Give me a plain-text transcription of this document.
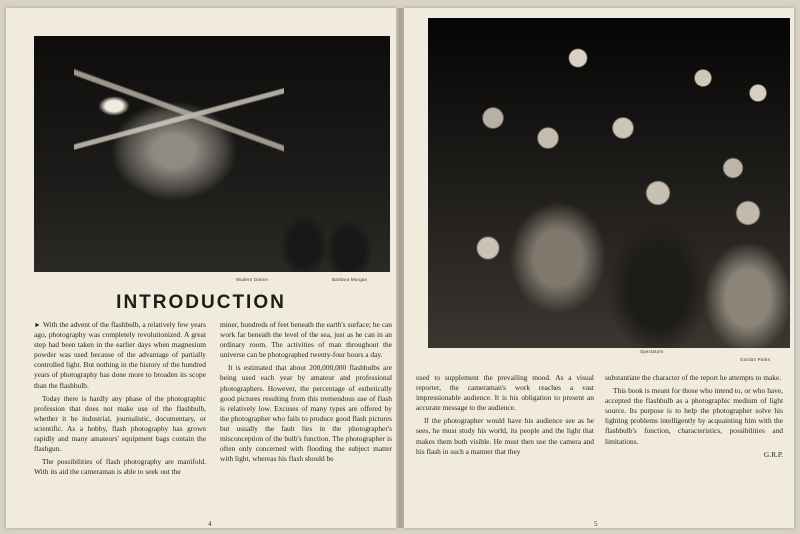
Modern Dance	Barbara Morgan
INTRODUCTION

► With the advent of the flashbulb, a relatively few years ago, photography was completely revolutionized. A great step had been taken in the earlier days when magnesium powder was used because of the advantage of partially controlled light. But nothing in the history of the hundred years of photography has done more to broaden its scope than the flashbulb.

Today there is hardly any phase of the photographic profession that does not make use of the flashbulb, whether it be industrial, journalistic, documentary, or scientific. As a hobby, flash photography has grown rapidly and many amateurs' equipment bags contain the flashgun.

The possibilities of flash photography are manifold. With its aid the cameraman is able to seek out the

miner, hundreds of feet beneath the earth's surface; he can work far beneath the level of the sea, just as he can in an ordinary room. The activities of man throughout the universe can be photographed twenty-four hours a day.

It is estimated that about 200,000,000 flashbulbs are being used each year by amateur and professional photographers. However, the percentage of esthetically good pictures resulting from this tremendous use of flash is relatively low. Excuses of many types are offered by the photographer who fails to produce good flash pictures but usually the fault lies in the photographer's misconception of the bulb's function. The photographer is often only concerned with flooding the subject matter with light, whereas his flash should be

4
Spectators
Gordon Parks

used to supplement the prevailing mood. As a visual reporter, the cameraman's work reaches a vast impressionable audience. It is his obligation to present an accurate message to the audience.

If the photographer would have his audience see as he sees, he must study his world, its people and the light that makes them both visible. He must then use the camera and his flash in such a manner that they

substantiate the character of the report he attempts to make.

This book is meant for those who intend to, or who have, accepted the flashbulb as a photographic medium of light source. Its purpose is to help the photographer solve his lighting problems intelligently by acquainting him with the flashbulb's function, characteristics, possibilities and limitations.

G.R.P.

5
